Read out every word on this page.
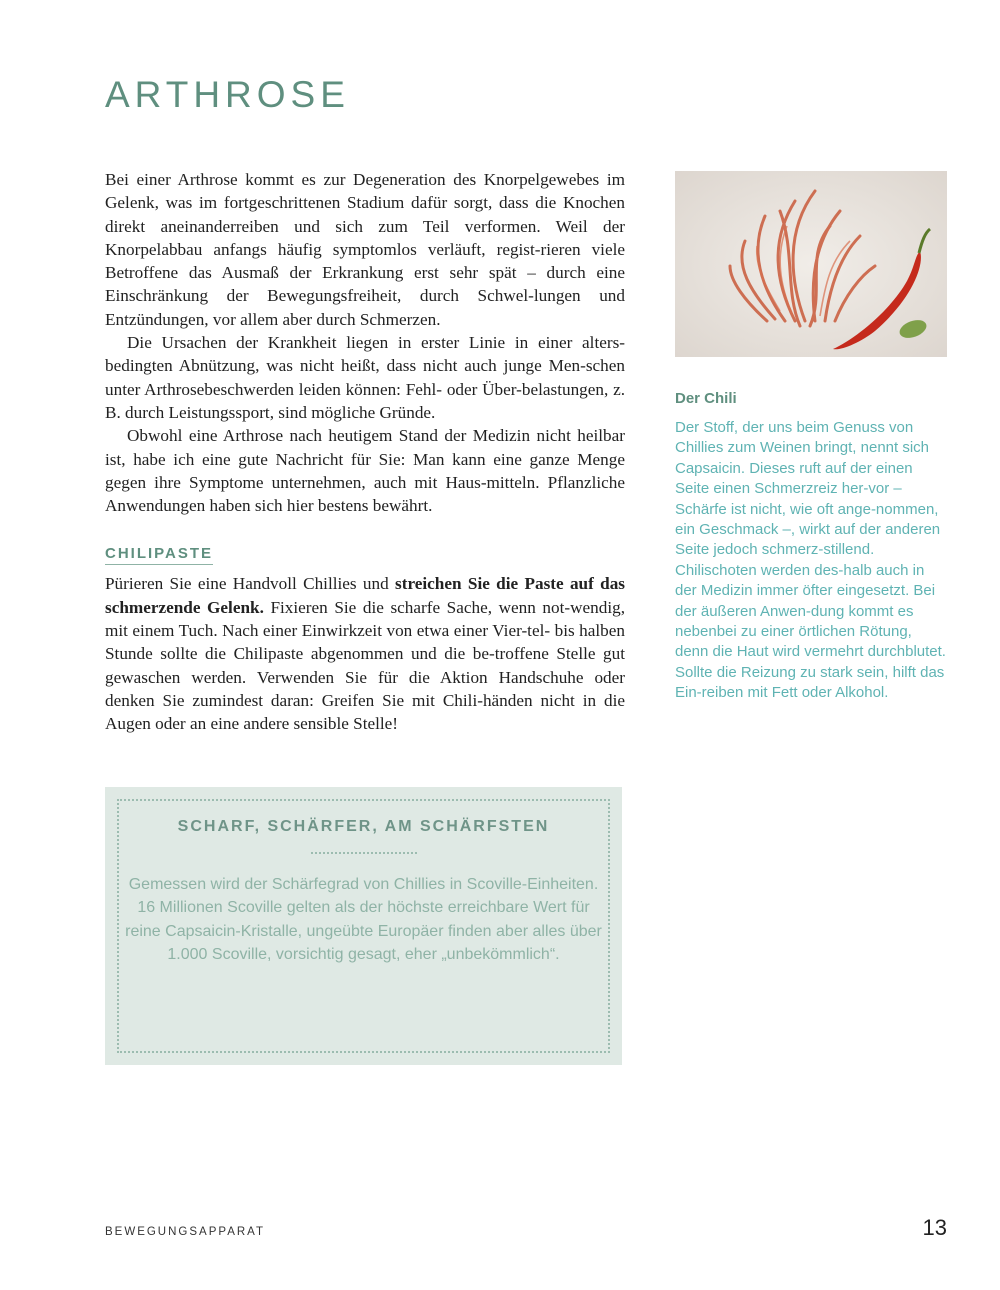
ARTHROSE

Bei einer Arthrose kommt es zur Degeneration des Knorpelgewebes im Gelenk, was im fortgeschrittenen Stadium dafür sorgt, dass die Knochen direkt aneinanderreiben und sich zum Teil verformen. Weil der Knorpelabbau anfangs häufig symptomlos verläuft, regist-rieren viele Betroffene das Ausmaß der Erkrankung erst sehr spät – durch eine Einschränkung der Bewegungsfreiheit, durch Schwel-lungen und Entzündungen, vor allem aber durch Schmerzen.

Die Ursachen der Krankheit liegen in erster Linie in einer alters-bedingten Abnützung, was nicht heißt, dass nicht auch junge Men-schen unter Arthrosebeschwerden leiden können: Fehl- oder Über-belastungen, z. B. durch Leistungssport, sind mögliche Gründe.

Obwohl eine Arthrose nach heutigem Stand der Medizin nicht heilbar ist, habe ich eine gute Nachricht für Sie: Man kann eine ganze Menge gegen ihre Symptome unternehmen, auch mit Haus-mitteln. Pflanzliche Anwendungen haben sich hier bestens bewährt.

CHILIPASTE

Pürieren Sie eine Handvoll Chillies und streichen Sie die Paste auf das schmerzende Gelenk. Fixieren Sie die scharfe Sache, wenn not-wendig, mit einem Tuch. Nach einer Einwirkzeit von etwa einer Vier-tel- bis halben Stunde sollte die Chilipaste abgenommen und die be-troffene Stelle gut gewaschen werden. Verwenden Sie für die Aktion Handschuhe oder denken Sie zumindest daran: Greifen Sie mit Chili-händen nicht in die Augen oder an eine andere sensible Stelle!

Der Chili

Der Stoff, der uns beim Genuss von Chillies zum Weinen bringt, nennt sich Capsaicin. Dieses ruft auf der einen Seite einen Schmerzreiz her-vor – Schärfe ist nicht, wie oft ange-nommen, ein Geschmack –, wirkt auf der anderen Seite jedoch schmerz-stillend. Chilischoten werden des-halb auch in der Medizin immer öfter eingesetzt. Bei der äußeren Anwen-dung kommt es nebenbei zu einer örtlichen Rötung, denn die Haut wird vermehrt durchblutet. Sollte die Reizung zu stark sein, hilft das Ein-reiben mit Fett oder Alkohol.

SCHARF, SCHÄRFER, AM SCHÄRFSTEN
Gemessen wird der Schärfegrad von Chillies in Scoville-Einheiten. 16 Millionen Scoville gelten als der höchste erreichbare Wert für reine Capsaicin-Kristalle, ungeübte Europäer finden aber alles über 1.000 Scoville, vorsichtig gesagt, eher „unbekömmlich“.
BEWEGUNGSAPPARAT	13
